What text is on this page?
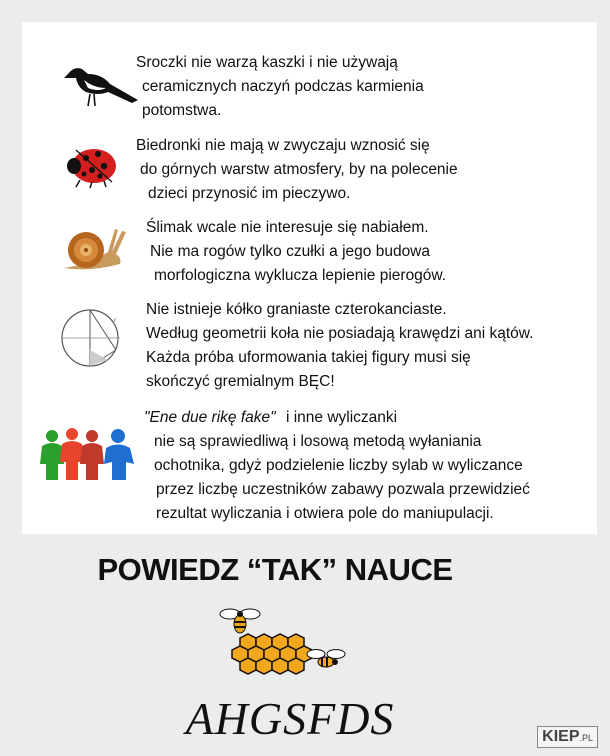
Sroczki nie warzą kaszki i nie używają
ceramicznych naczyń podczas karmienia
potomstwa.
Biedronki nie mają w zwyczaju wznosić się
do górnych warstw atmosfery, by na polecenie
dzieci przynosić im pieczywo.
Ślimak wcale nie interesuje się nabiałem.
Nie ma rogów tylko czułki a jego budowa
morfologiczna wyklucza lepienie pierogów.
r
Nie istnieje kółko graniaste czterokanciaste.
Według geometrii koła nie posiadają krawędzi ani kątów.
Każda próba uformowania takiej figury musi się
skończyć gremialnym BĘC!
"Ene due rikę fake" i inne wyliczanki
nie są sprawiedliwą i losową metodą wyłaniania
ochotnika, gdyż podzielenie liczby sylab w wyliczance
przez liczbę uczestników zabawy pozwala przewidzieć
rezultat wyliczania i otwiera pole do maniupulacji.
POWIEDZ “TAK” NAUCE
AHGSFDS	KIEP.PL
